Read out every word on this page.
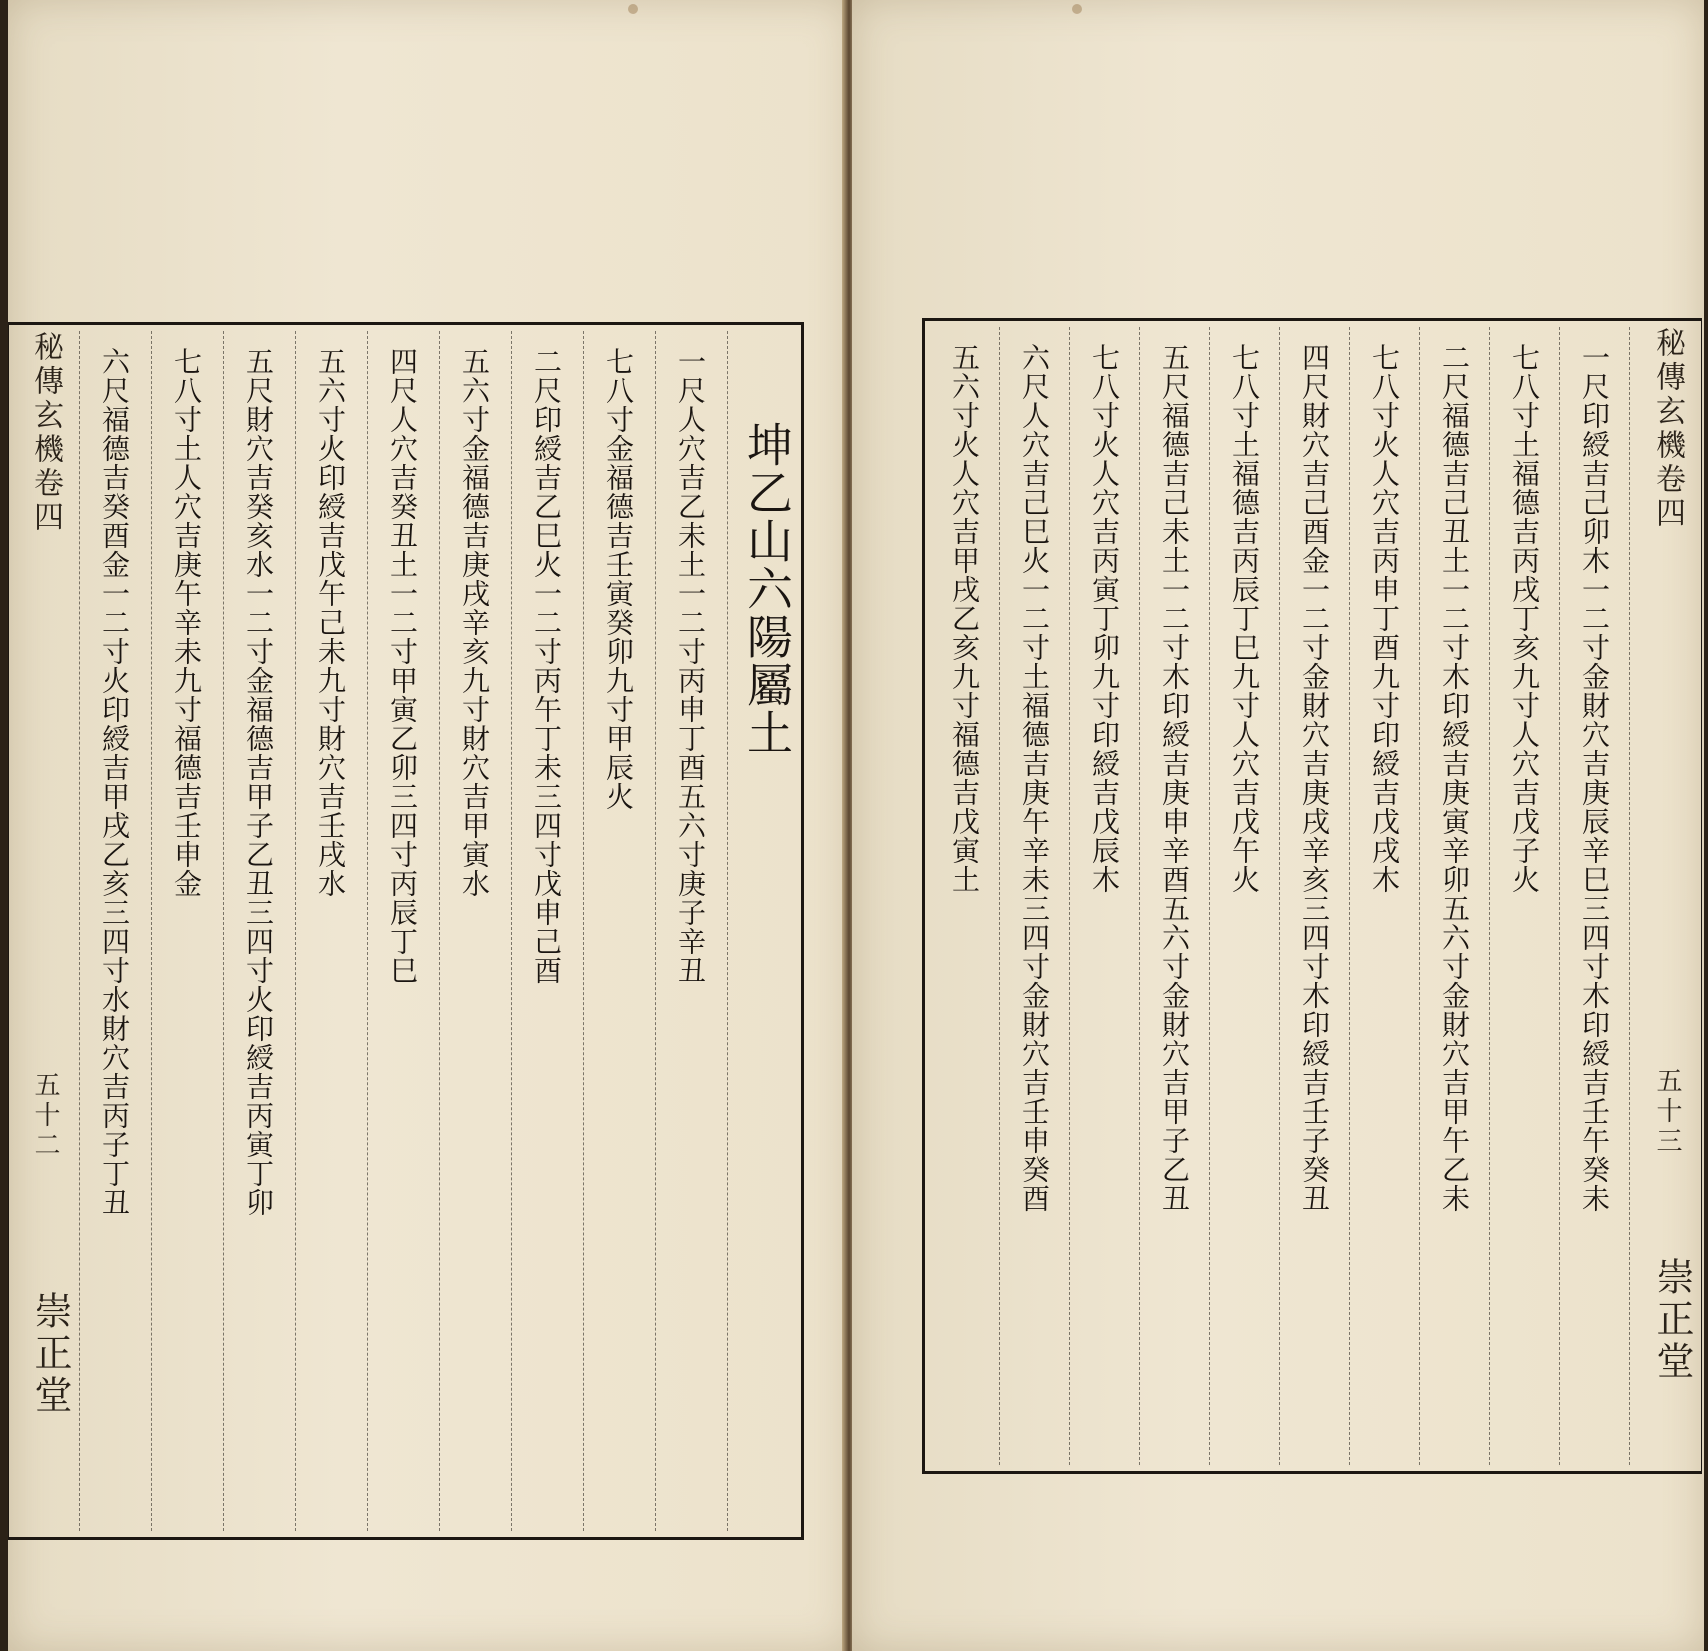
坤乙山六陽屬土
一尺人穴吉乙未土一二寸丙申丁酉五六寸庚子辛丑
七八寸金福德吉壬寅癸卯九寸甲辰火
二尺印綬吉乙巳火一二寸丙午丁未三四寸戊申己酉
五六寸金福德吉庚戌辛亥九寸財穴吉甲寅水
四尺人穴吉癸丑土一二寸甲寅乙卯三四寸丙辰丁巳
五六寸火印綬吉戊午己未九寸財穴吉壬戌水
五尺財穴吉癸亥水一二寸金福德吉甲子乙丑三四寸火印綬吉丙寅丁卯
七八寸土人穴吉庚午辛未九寸福德吉壬申金
六尺福德吉癸酉金一二寸火印綬吉甲戌乙亥三四寸水財穴吉丙子丁丑
秘傳玄機卷四
五十二
崇正堂
秘傳玄機卷四
五十三
崇正堂
一尺印綬吉己卯木一二寸金財穴吉庚辰辛巳三四寸木印綬吉壬午癸未
七八寸土福德吉丙戌丁亥九寸人穴吉戊子火
二尺福德吉己丑土一二寸木印綬吉庚寅辛卯五六寸金財穴吉甲午乙未
七八寸火人穴吉丙申丁酉九寸印綬吉戊戌木
四尺財穴吉己酉金一二寸金財穴吉庚戌辛亥三四寸木印綬吉壬子癸丑
七八寸土福德吉丙辰丁巳九寸人穴吉戊午火
五尺福德吉己未土一二寸木印綬吉庚申辛酉五六寸金財穴吉甲子乙丑
七八寸火人穴吉丙寅丁卯九寸印綬吉戊辰木
六尺人穴吉己巳火一二寸土福德吉庚午辛未三四寸金財穴吉壬申癸酉
五六寸火人穴吉甲戌乙亥九寸福德吉戊寅土
